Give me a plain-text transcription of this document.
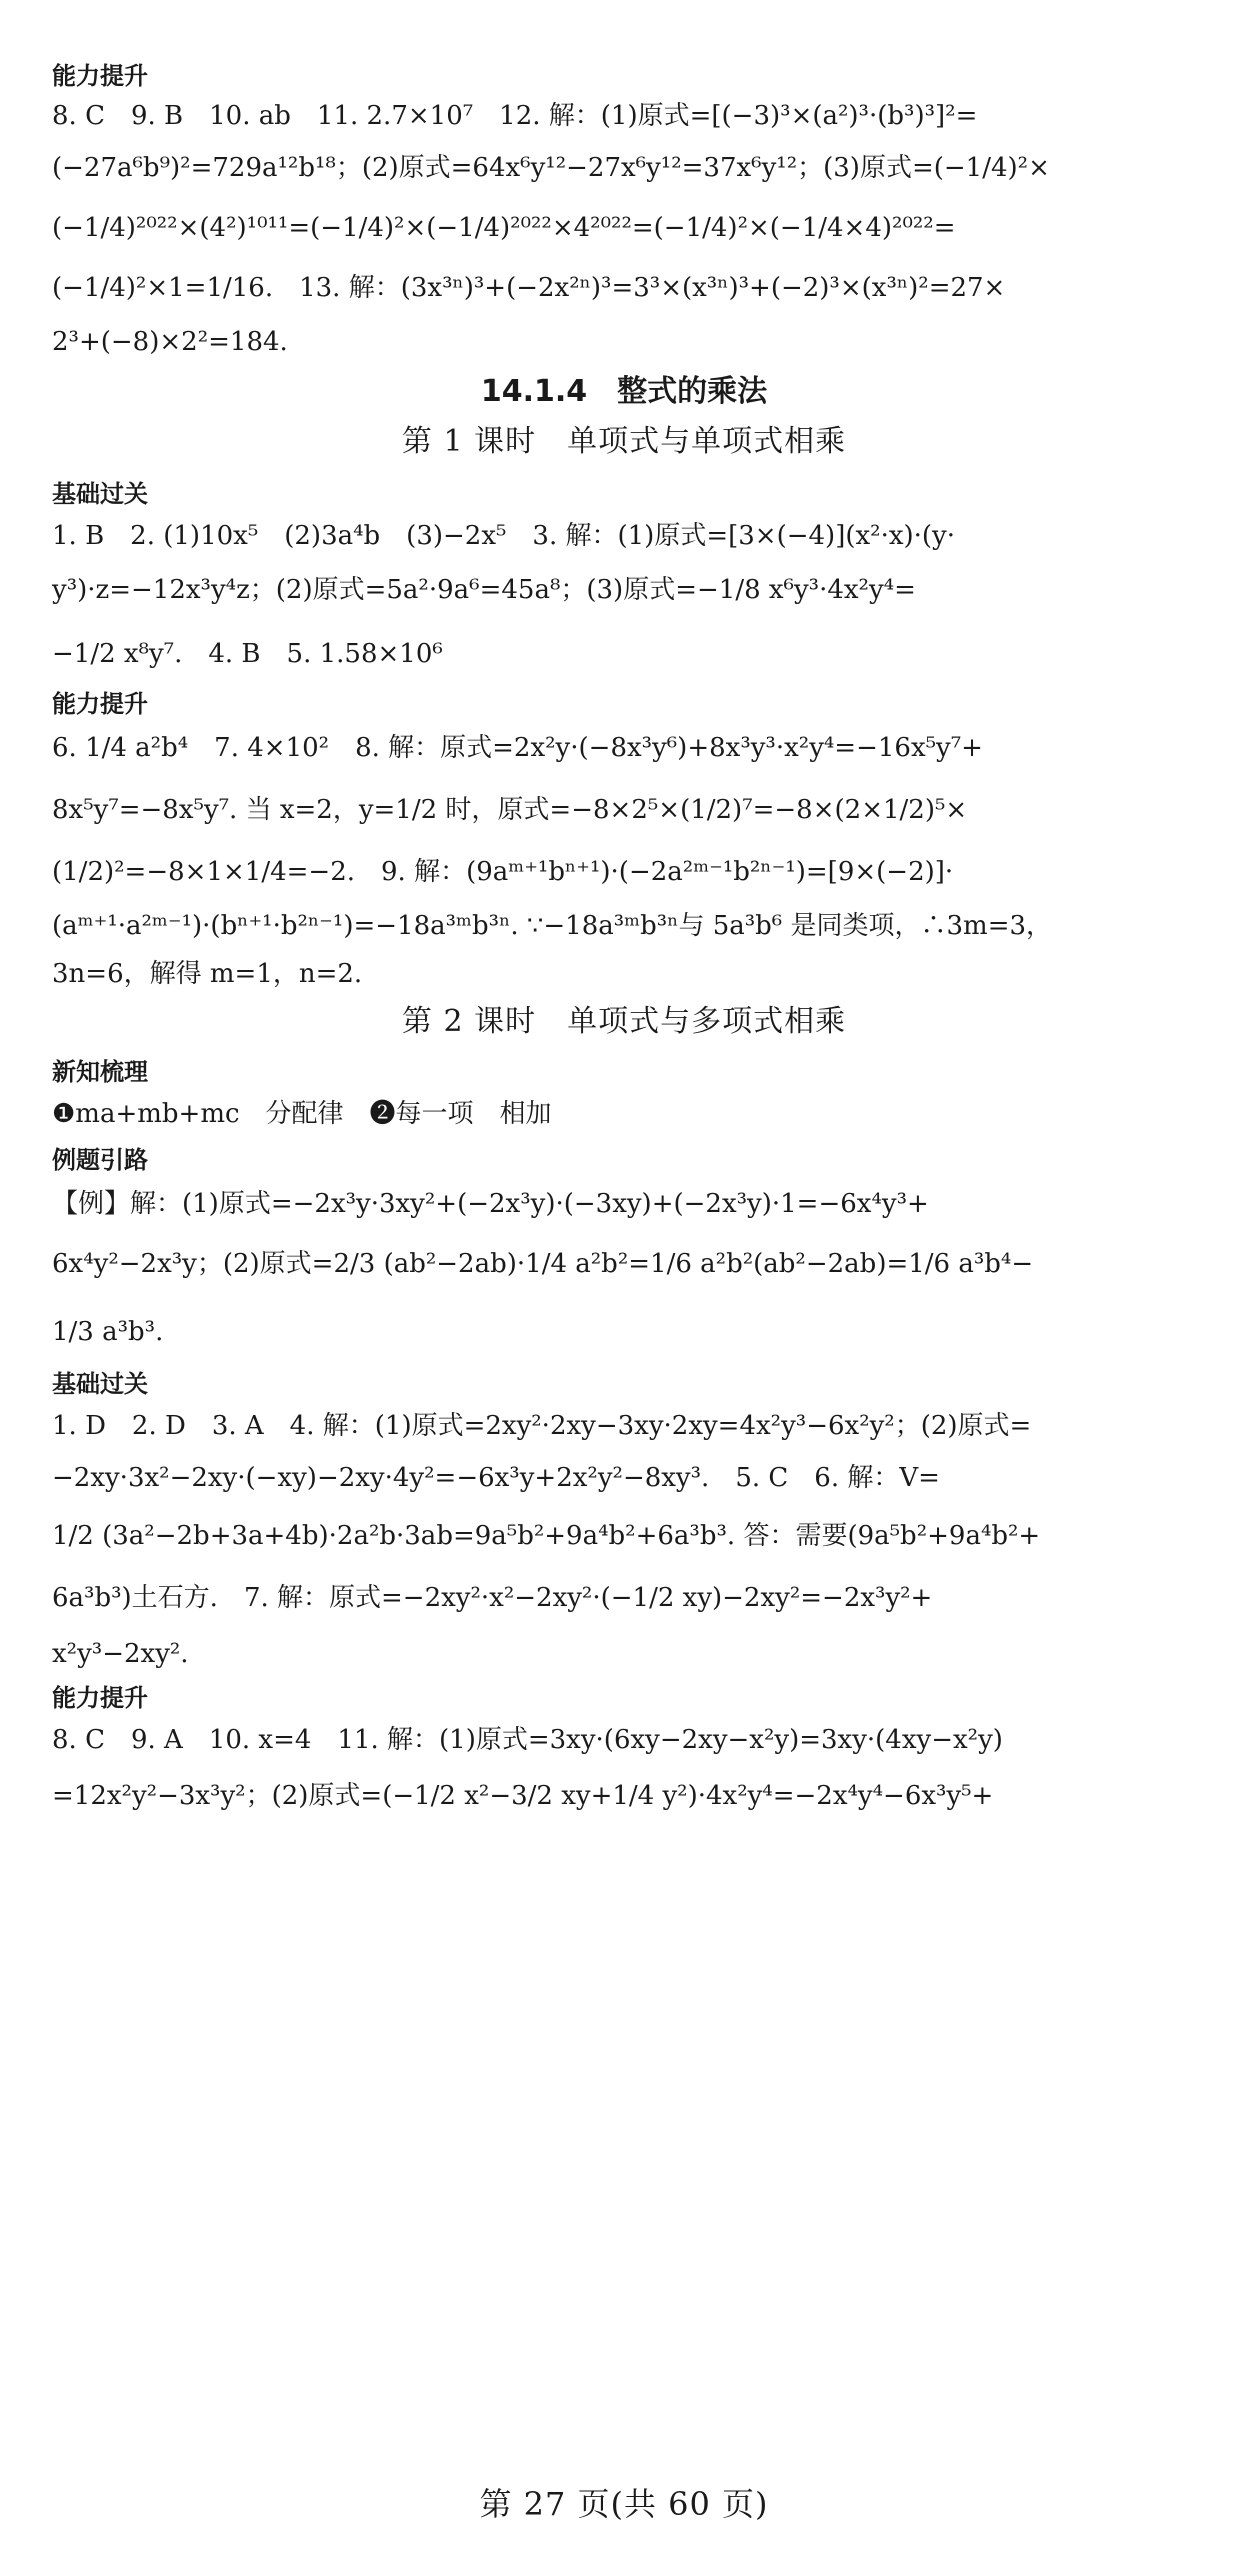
能力提升
8. C　9. B　10. ab　11. 2.7×10⁷　12. 解：(1)原式=[(−3)³×(a²)³·(b³)³]²=
(−27a⁶b⁹)²=729a¹²b¹⁸；(2)原式=64x⁶y¹²−27x⁶y¹²=37x⁶y¹²；(3)原式=(−1/4)²×
(−1/4)²⁰²²×(4²)¹⁰¹¹=(−1/4)²×(−1/4)²⁰²²×4²⁰²²=(−1/4)²×(−1/4×4)²⁰²²=
(−1/4)²×1=1/16.　13. 解：(3x³ⁿ)³+(−2x²ⁿ)³=3³×(x³ⁿ)³+(−2)³×(x³ⁿ)²=27×
2³+(−8)×2²=184.
14.1.4　整式的乘法
第 1 课时　单项式与单项式相乘
基础过关
1. B　2. (1)10x⁵　(2)3a⁴b　(3)−2x⁵　3. 解：(1)原式=[3×(−4)](x²·x)·(y·
y³)·z=−12x³y⁴z；(2)原式=5a²·9a⁶=45a⁸；(3)原式=−1/8 x⁶y³·4x²y⁴=
−1/2 x⁸y⁷.　4. B　5. 1.58×10⁶
能力提升
6. 1/4 a²b⁴　7. 4×10²　8. 解：原式=2x²y·(−8x³y⁶)+8x³y³·x²y⁴=−16x⁵y⁷+
8x⁵y⁷=−8x⁵y⁷. 当 x=2，y=1/2 时，原式=−8×2⁵×(1/2)⁷=−8×(2×1/2)⁵×
(1/2)²=−8×1×1/4=−2.　9. 解：(9aᵐ⁺¹bⁿ⁺¹)·(−2a²ᵐ⁻¹b²ⁿ⁻¹)=[9×(−2)]·
(aᵐ⁺¹·a²ᵐ⁻¹)·(bⁿ⁺¹·b²ⁿ⁻¹)=−18a³ᵐb³ⁿ. ∵−18a³ᵐb³ⁿ与 5a³b⁶ 是同类项，∴3m=3，
3n=6，解得 m=1，n=2.
第 2 课时　单项式与多项式相乘
新知梳理
❶ma+mb+mc　分配律　❷每一项　相加
例题引路
【例】解：(1)原式=−2x³y·3xy²+(−2x³y)·(−3xy)+(−2x³y)·1=−6x⁴y³+
6x⁴y²−2x³y；(2)原式=2/3 (ab²−2ab)·1/4 a²b²=1/6 a²b²(ab²−2ab)=1/6 a³b⁴−
1/3 a³b³.
基础过关
1. D　2. D　3. A　4. 解：(1)原式=2xy²·2xy−3xy·2xy=4x²y³−6x²y²；(2)原式=
−2xy·3x²−2xy·(−xy)−2xy·4y²=−6x³y+2x²y²−8xy³.　5. C　6. 解：V=
1/2 (3a²−2b+3a+4b)·2a²b·3ab=9a⁵b²+9a⁴b²+6a³b³. 答：需要(9a⁵b²+9a⁴b²+
6a³b³)土石方.　7. 解：原式=−2xy²·x²−2xy²·(−1/2 xy)−2xy²=−2x³y²+
x²y³−2xy².
能力提升
8. C　9. A　10. x=4　11. 解：(1)原式=3xy·(6xy−2xy−x²y)=3xy·(4xy−x²y)
=12x²y²−3x³y²；(2)原式=(−1/2 x²−3/2 xy+1/4 y²)·4x²y⁴=−2x⁴y⁴−6x³y⁵+
第 27 页(共 60 页)
